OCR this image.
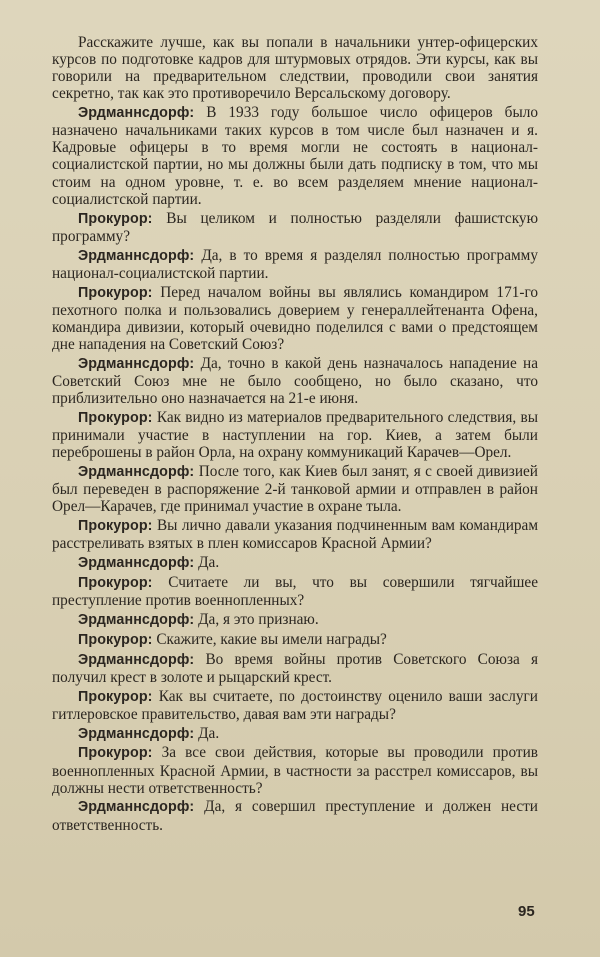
Расскажите лучше, как вы попали в начальники унтер-офицерских курсов по подготовке кадров для штурмовых отрядов. Эти курсы, как вы говорили на предварительном следствии, проводили свои занятия секретно, так как это противоречило Версальскому договору.

Эрдманнсдорф: В 1933 году большое число офицеров было назначено начальниками таких курсов в том числе был назначен и я. Кадровые офицеры в то время могли не состоять в национал-социалистской партии, но мы должны были дать подписку в том, что мы стоим на одном уровне, т. е. во всем разделяем мнение национал-социалистской партии.

Прокурор: Вы целиком и полностью разделяли фашистскую программу?

Эрдманнсдорф: Да, в то время я разделял полностью программу национал-социалистской партии.

Прокурор: Перед началом войны вы являлись командиром 171-го пехотного полка и пользовались доверием у генераллейтенанта Офена, командира дивизии, который очевидно поделился с вами о предстоящем дне нападения на Советский Союз?

Эрдманнсдорф: Да, точно в какой день назначалось нападение на Советский Союз мне не было сообщено, но было сказано, что приблизительно оно назначается на 21-е июня.

Прокурор: Как видно из материалов предварительного следствия, вы принимали участие в наступлении на гор. Киев, а затем были переброшены в район Орла, на охрану коммуникаций Карачев—Орел.

Эрдманнсдорф: После того, как Киев был занят, я с своей дивизией был переведен в распоряжение 2-й танковой армии и отправлен в район Орел—Карачев, где принимал участие в охране тыла.

Прокурор: Вы лично давали указания подчиненным вам командирам расстреливать взятых в плен комиссаров Красной Армии?

Эрдманнсдорф: Да.

Прокурор: Считаете ли вы, что вы совершили тягчайшее преступление против военнопленных?

Эрдманнсдорф: Да, я это признаю.

Прокурор: Скажите, какие вы имели награды?

Эрдманнсдорф: Во время войны против Советского Союза я получил крест в золоте и рыцарский крест.

Прокурор: Как вы считаете, по достоинству оценило ваши заслуги гитлеровское правительство, давая вам эти награды?

Эрдманнсдорф: Да.

Прокурор: За все свои действия, которые вы проводили против военнопленных Красной Армии, в частности за расстрел комиссаров, вы должны нести ответственность?

Эрдманнсдорф: Да, я совершил преступление и должен нести ответственность.

95
